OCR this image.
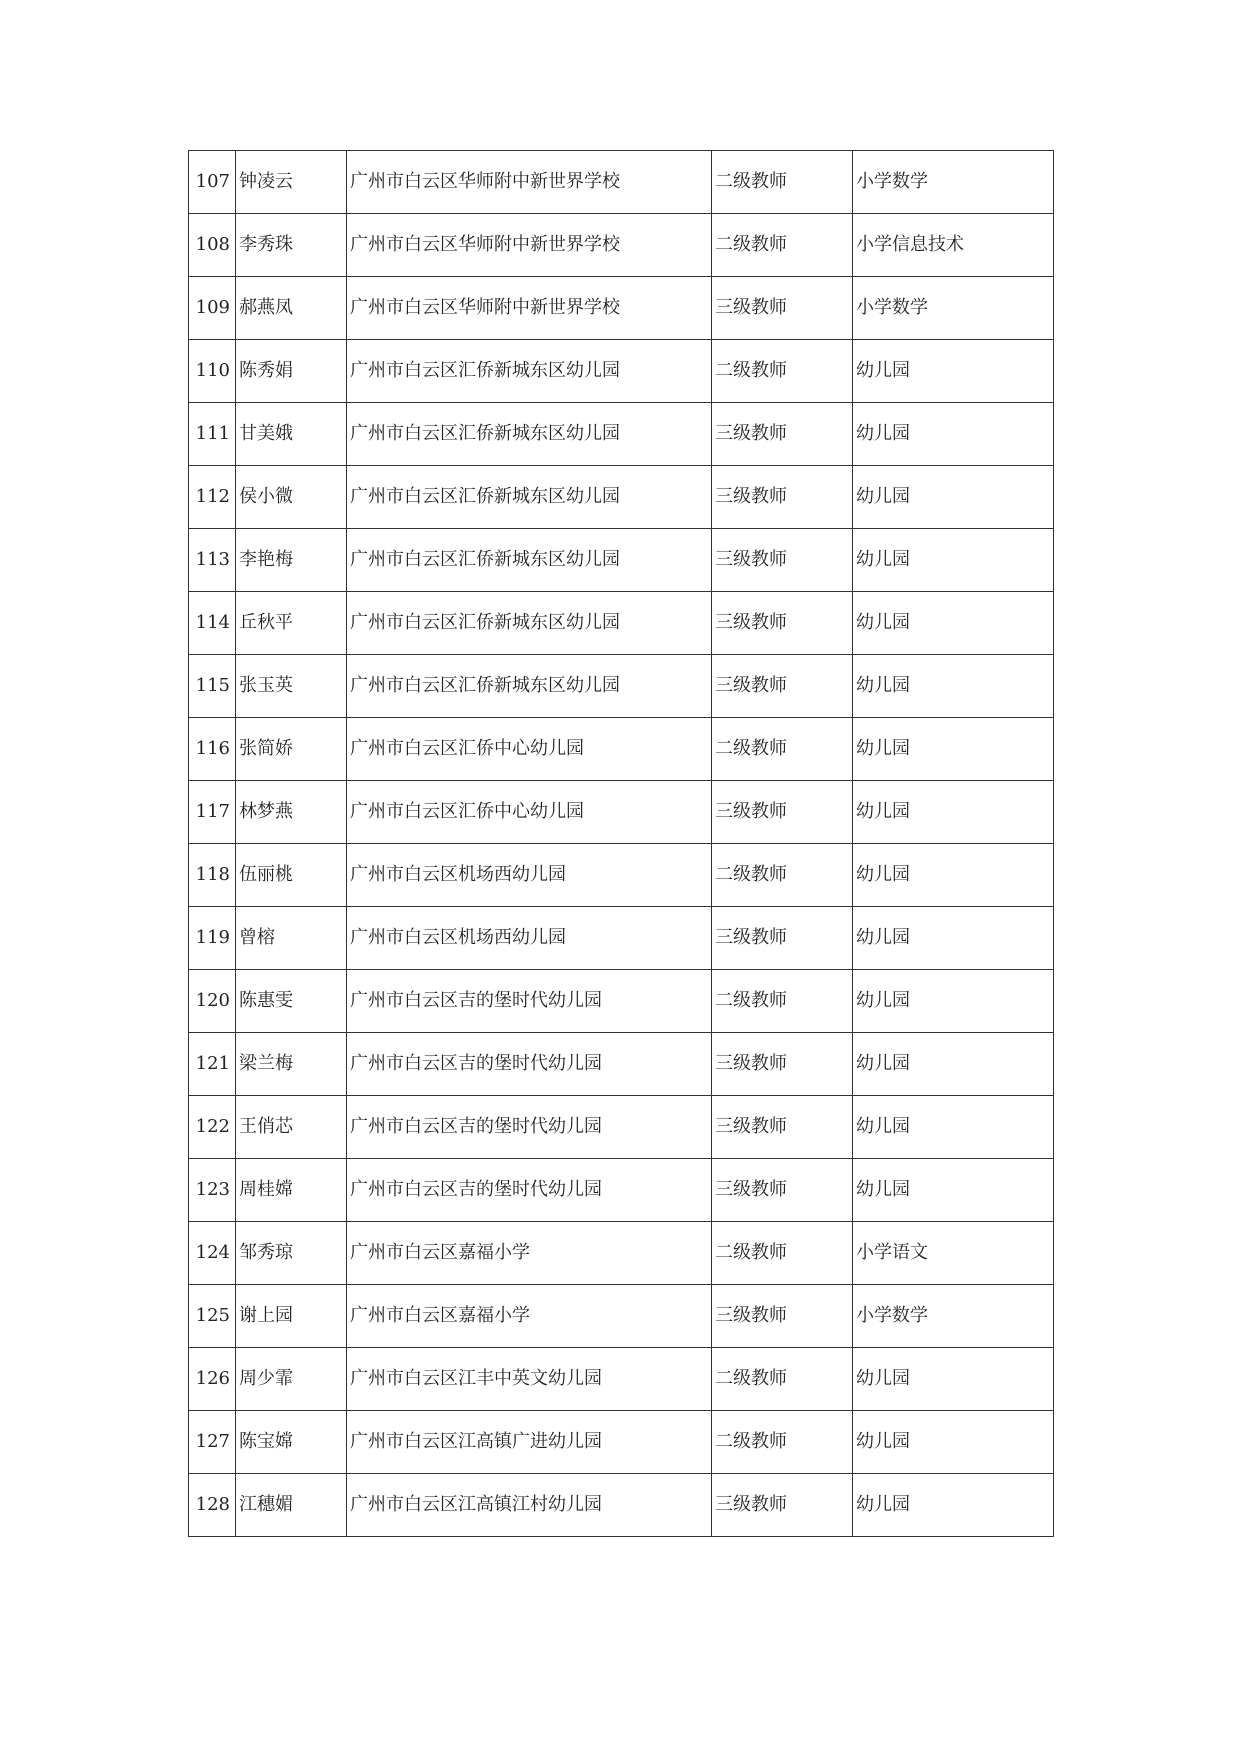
107	钟凌云	广州市白云区华师附中新世界学校	二级教师	小学数学
108	李秀珠	广州市白云区华师附中新世界学校	二级教师	小学信息技术
109	郝燕凤	广州市白云区华师附中新世界学校	三级教师	小学数学
110	陈秀娟	广州市白云区汇侨新城东区幼儿园	二级教师	幼儿园
111	甘美娥	广州市白云区汇侨新城东区幼儿园	三级教师	幼儿园
112	侯小微	广州市白云区汇侨新城东区幼儿园	三级教师	幼儿园
113	李艳梅	广州市白云区汇侨新城东区幼儿园	三级教师	幼儿园
114	丘秋平	广州市白云区汇侨新城东区幼儿园	三级教师	幼儿园
115	张玉英	广州市白云区汇侨新城东区幼儿园	三级教师	幼儿园
116	张简娇	广州市白云区汇侨中心幼儿园	二级教师	幼儿园
117	林梦燕	广州市白云区汇侨中心幼儿园	三级教师	幼儿园
118	伍丽桃	广州市白云区机场西幼儿园	二级教师	幼儿园
119	曾榕	广州市白云区机场西幼儿园	三级教师	幼儿园
120	陈惠雯	广州市白云区吉的堡时代幼儿园	二级教师	幼儿园
121	梁兰梅	广州市白云区吉的堡时代幼儿园	三级教师	幼儿园
122	王俏芯	广州市白云区吉的堡时代幼儿园	三级教师	幼儿园
123	周桂嫦	广州市白云区吉的堡时代幼儿园	三级教师	幼儿园
124	邹秀琼	广州市白云区嘉福小学	二级教师	小学语文
125	谢上园	广州市白云区嘉福小学	三级教师	小学数学
126	周少霏	广州市白云区江丰中英文幼儿园	二级教师	幼儿园
127	陈宝嫦	广州市白云区江高镇广进幼儿园	二级教师	幼儿园
128	江穗媚	广州市白云区江高镇江村幼儿园	三级教师	幼儿园
